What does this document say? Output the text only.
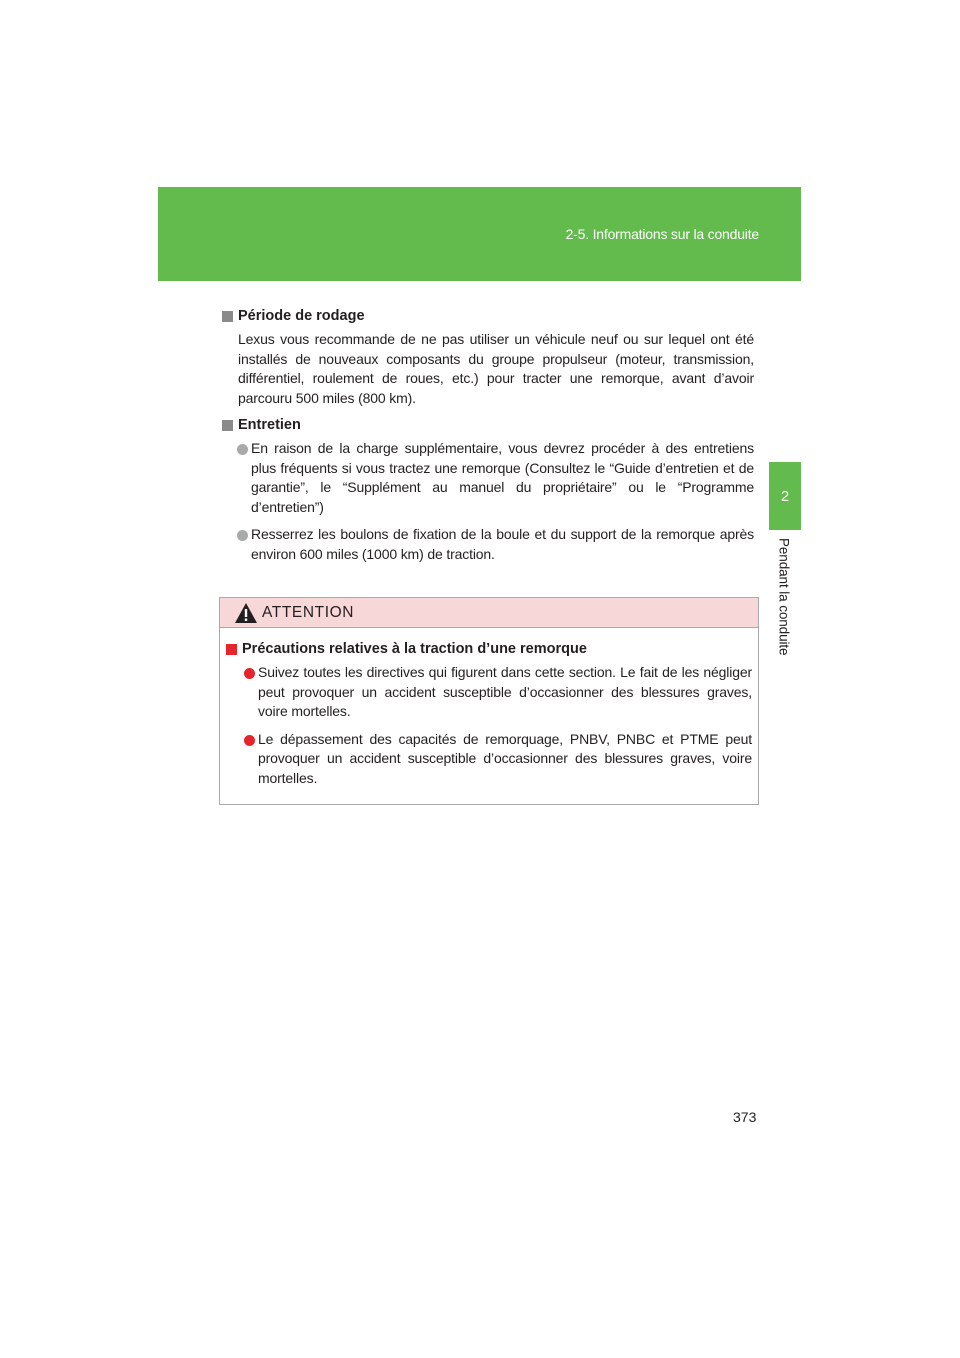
2-5. Informations sur la conduite
2
Pendant la conduite
Période de rodage

Lexus vous recommande de ne pas utiliser un véhicule neuf ou sur lequel ont été installés de nouveaux composants du groupe propulseur (moteur, transmission, différentiel, roulement de roues, etc.) pour tracter une remorque, avant d’avoir parcouru 500 miles (800 km).

Entretien
En raison de la charge supplémentaire, vous devrez procéder à des entretiens plus fréquents si vous tractez une remorque (Consultez le “Guide d’entretien et de garantie”, le “Supplément au manuel du propriétaire” ou le “Programme d’entretien”)
Resserrez les boulons de fixation de la boule et du support de la remorque après environ 600 miles (1000 km) de traction.
ATTENTION
Précautions relatives à la traction d’une remorque
Suivez toutes les directives qui figurent dans cette section. Le fait de les négliger peut provoquer un accident susceptible d’occasionner des blessures graves, voire mortelles.
Le dépassement des capacités de remorquage, PNBV, PNBC et PTME peut provoquer un accident susceptible d’occasionner des blessures graves, voire mortelles.
373
